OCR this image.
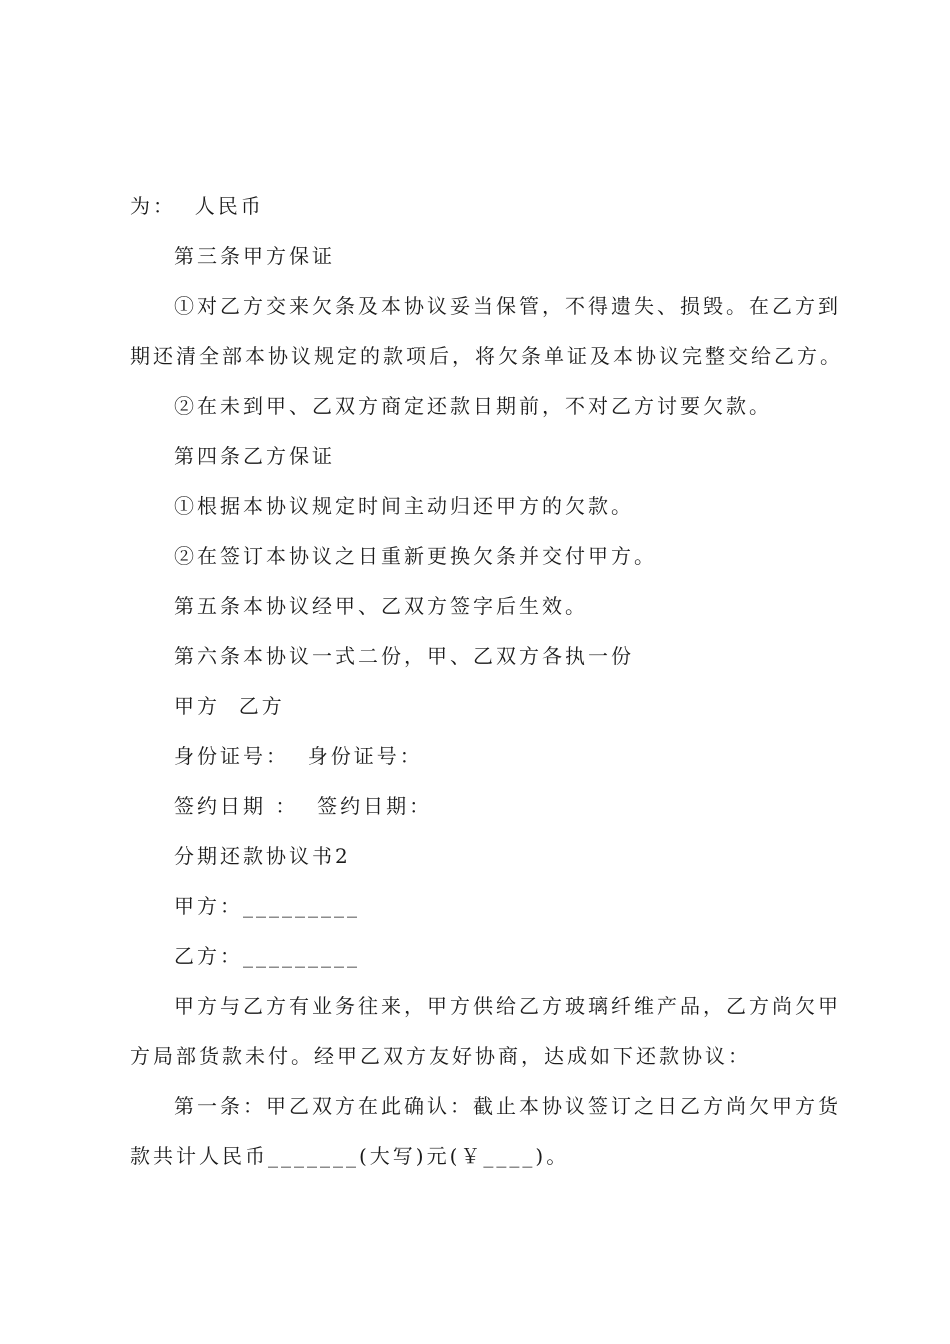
为：  人民币
第三条甲方保证
①对乙方交来欠条及本协议妥当保管，不得遗失、损毁。在乙方到
期还清全部本协议规定的款项后，将欠条单证及本协议完整交给乙方。
②在未到甲、乙双方商定还款日期前，不对乙方讨要欠款。
第四条乙方保证
①根据本协议规定时间主动归还甲方的欠款。
②在签订本协议之日重新更换欠条并交付甲方。
第五条本协议经甲、乙双方签字后生效。
第六条本协议一式二份，甲、乙双方各执一份
甲方  乙方
身份证号：  身份证号：
签约日期 ：  签约日期：
分期还款协议书2
甲方：_________
乙方：_________
甲方与乙方有业务往来，甲方供给乙方玻璃纤维产品，乙方尚欠甲
方局部货款未付。经甲乙双方友好协商，达成如下还款协议：
第一条：甲乙双方在此确认：截止本协议签订之日乙方尚欠甲方货
款共计人民币_______(大写)元(￥____)。
